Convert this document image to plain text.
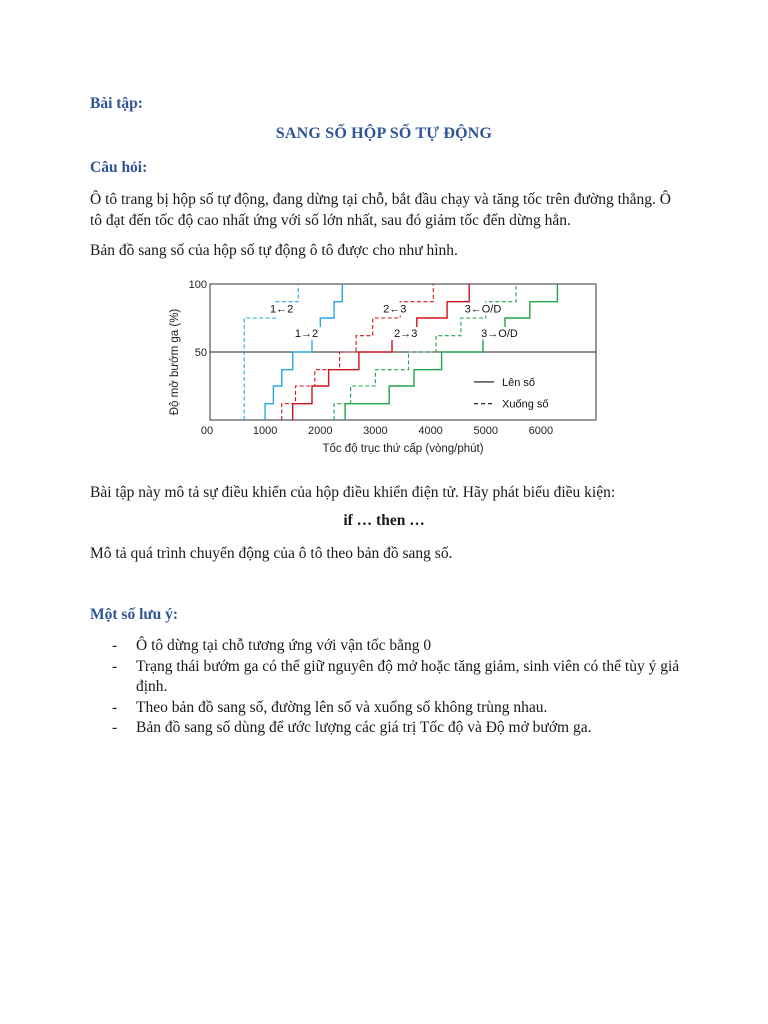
Bài tập:
SANG SỐ HỘP SỐ TỰ ĐỘNG
Câu hỏi:
Ô tô trang bị hộp số tự động, đang dừng tại chỗ, bắt đầu chạy và tăng tốc trên đường thẳng. Ô tô đạt đến tốc độ cao nhất ứng với số lớn nhất, sau đó giảm tốc đến dừng hẳn.
Bản đồ sang số của hộp số tự động ô tô được cho như hình.
0	1000	2000	3000	4000	5000	6000
50
100
0
Tốc độ trục thứ cấp (vòng/phút)
Độ mở bướm ga (%)	1←2
1→2
2←3
2→3
3←O/D
3→O/D
Lên số
Xuống số
Bài tập này mô tả sự điều khiển của hộp điều khiển điện tử. Hãy phát biểu điều kiện:
if … then …
Mô tả quá trình chuyển động của ô tô theo bản đồ sang số.
Một số lưu ý:
- Ô tô dừng tại chỗ tương ứng với vận tốc bằng 0
- Trạng thái bướm ga có thể giữ nguyên độ mở hoặc tăng giảm, sinh viên có thể tùy ý giả định.
- Theo bản đồ sang số, đường lên số và xuống số không trùng nhau.
- Bản đồ sang số dùng để ước lượng các giá trị Tốc độ và Độ mở bướm ga.
